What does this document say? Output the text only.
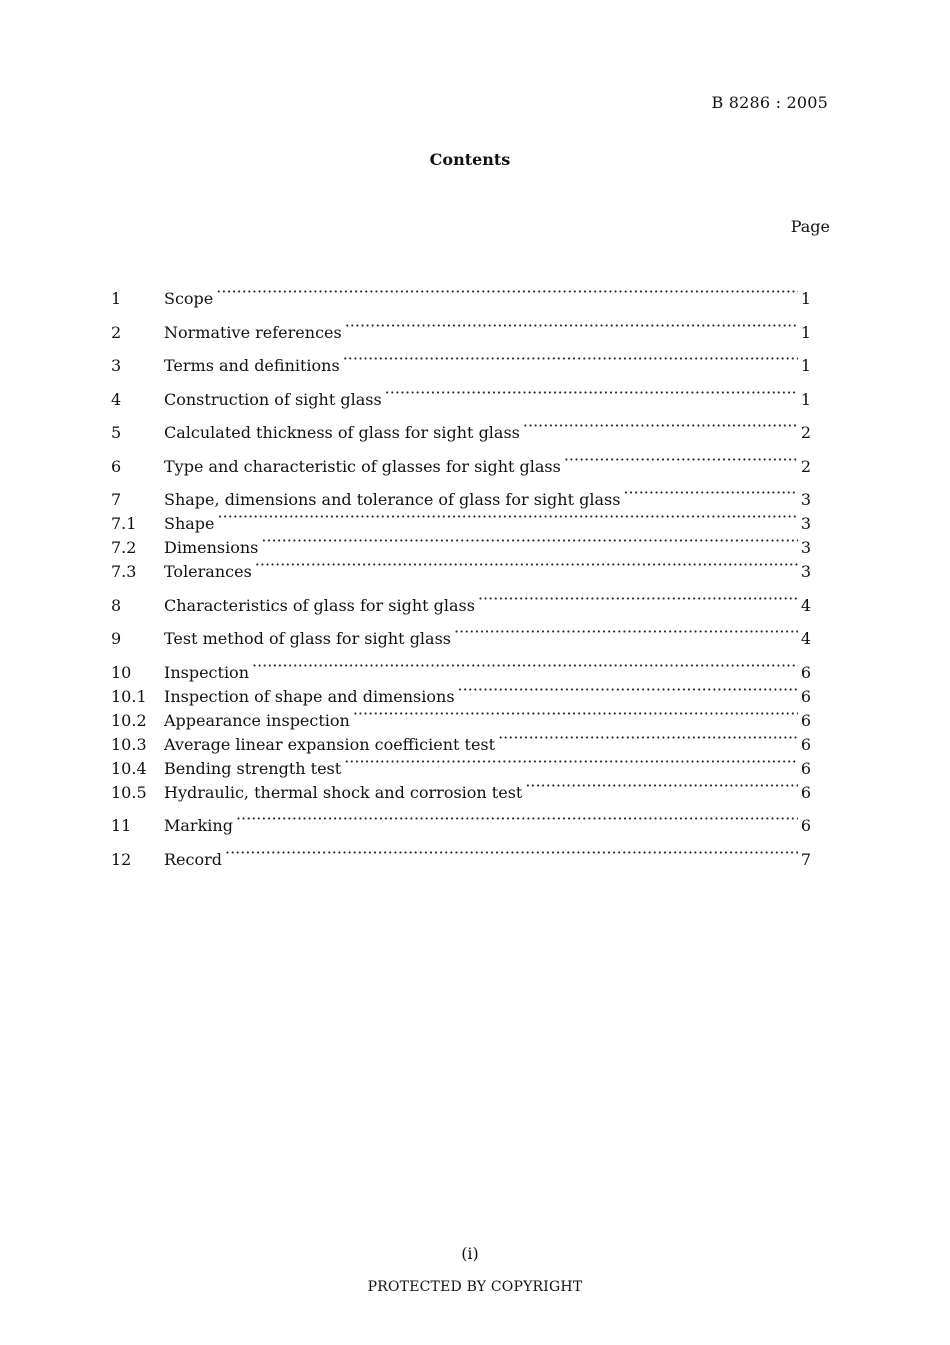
B 8286 : 2005
Contents
Page
1	Scope ·····	1
2	Normative references ·····	1
3	Terms and definitions ·····	1
4	Construction of sight glass ·····	1
5	Calculated thickness of glass for sight glass ·····	2
6	Type and characteristic of glasses for sight glass ·····	2
7	Shape, dimensions and tolerance of glass for sight glass ·····	3
7.1	Shape ·····	3
7.2	Dimensions ·····	3
7.3	Tolerances ·····	3
8	Characteristics of glass for sight glass ·····	4
9	Test method of glass for sight glass ·····	4
10	Inspection ·····	6
10.1	Inspection of shape and dimensions ·····	6
10.2	Appearance inspection ·····	6
10.3	Average linear expansion coefficient test ·····	6
10.4	Bending strength test ·····	6
10.5	Hydraulic, thermal shock and corrosion test ·····	6
11	Marking ·····	6
12	Record ·····	7
(i)
PROTECTED BY COPYRIGHT
